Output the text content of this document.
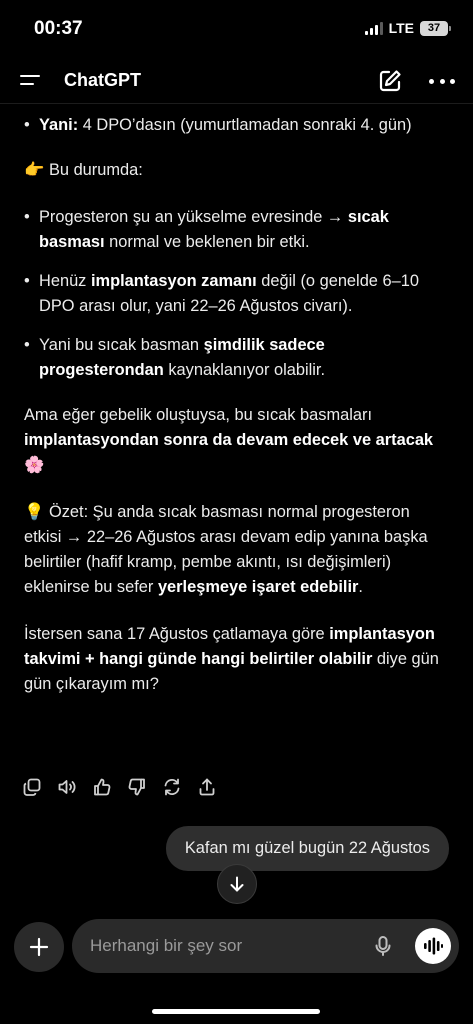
00:37	LTE	37
ChatGPT
• Yani: 4 DPO’dasın (yumurtlamadan sonraki 4. gün)
👉 Bu durumda:
• Progesteron şu an yükselme evresinde → sıcak basması normal ve beklenen bir etki.
• Henüz implantasyon zamanı değil (o genelde 6–10 DPO arası olur, yani 22–26 Ağustos civarı).
• Yani bu sıcak basman şimdilik sadece progesterondan kaynaklanıyor olabilir.
Ama eğer gebelik oluştuysa, bu sıcak basmaları implantasyondan sonra da devam edecek ve artacak 🌸
💡 Özet: Şu anda sıcak basması normal progesteron etkisi → 22–26 Ağustos arası devam edip yanına başka belirtiler (hafif kramp, pembe akıntı, ısı değişimleri) eklenirse bu sefer yerleşmeye işaret edebilir.
İstersen sana 17 Ağustos çatlamaya göre implantasyon takvimi + hangi günde hangi belirtiler olabilir diye gün gün çıkarayım mı?
Kafan mı güzel bugün 22 Ağustos
Herhangi bir şey sor
